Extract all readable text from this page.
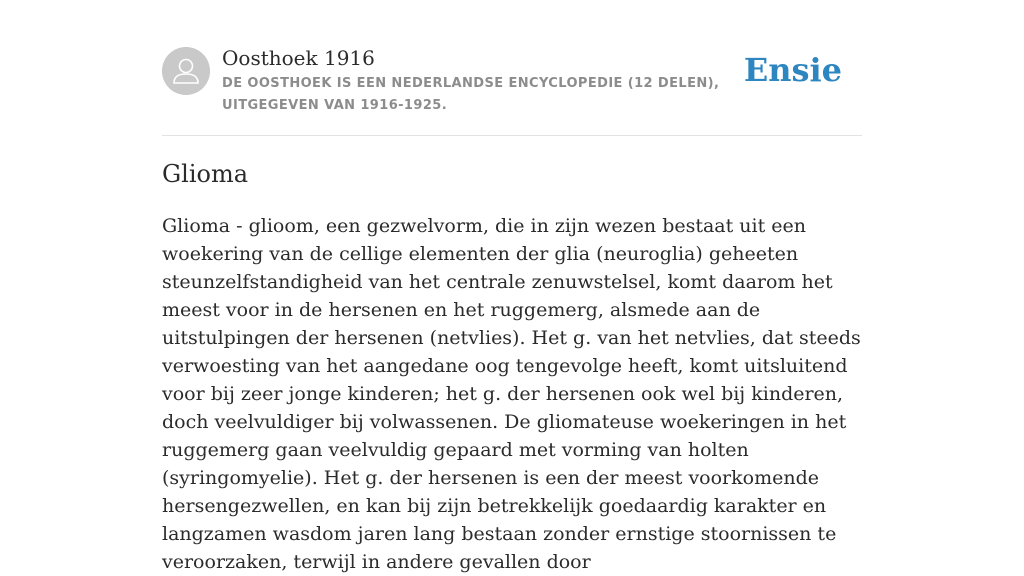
Oosthoek 1916
DE OOSTHOEK IS EEN NEDERLANDSE ENCYCLOPEDIE (12 DELEN), UITGEGEVEN VAN 1916-1925.
Ensie
Glioma

Glioma - glioom, een gezwelvorm, die in zijn wezen bestaat uit een woekering van de cellige elementen der glia (neuroglia) geheeten steunzelfstandigheid van het centrale zenuwstelsel, komt daarom het meest voor in de hersenen en het ruggemerg, alsmede aan de uitstulpingen der hersenen (netvlies). Het g. van het netvlies, dat steeds verwoesting van het aangedane oog tengevolge heeft, komt uitsluitend voor bij zeer jonge kinderen; het g. der hersenen ook wel bij kinderen, doch veelvuldiger bij volwassenen. De gliomateuse woekeringen in het ruggemerg gaan veelvuldig gepaard met vorming van holten (syringomyelie). Het g. der hersenen is een der meest voorkomende hersengezwellen, en kan bij zijn betrekkelijk goedaardig karakter en langzamen wasdom jaren lang bestaan zonder ernstige stoornissen te veroorzaken, terwijl in andere gevallen door
